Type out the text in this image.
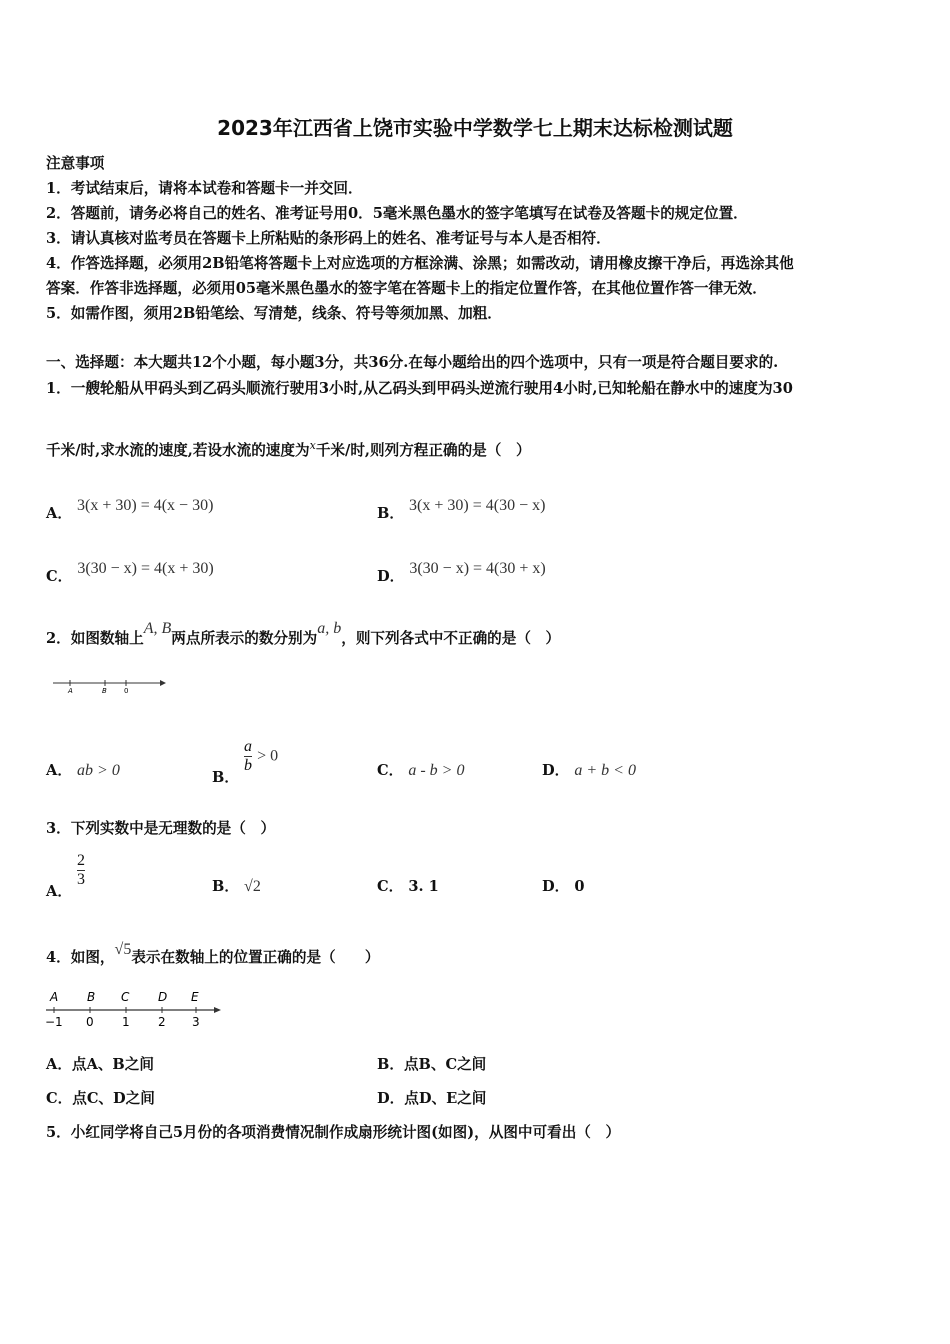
2023年江西省上饶市实验中学数学七上期末达标检测试题
注意事项
1．考试结束后，请将本试卷和答题卡一并交回．
2．答题前，请务必将自己的姓名、准考证号用0．5毫米黑色墨水的签字笔填写在试卷及答题卡的规定位置．
3．请认真核对监考员在答题卡上所粘贴的条形码上的姓名、准考证号与本人是否相符．
4．作答选择题，必须用2B铅笔将答题卡上对应选项的方框涂满、涂黑；如需改动，请用橡皮擦干净后，再选涂其他
答案．作答非选择题，必须用05毫米黑色墨水的签字笔在答题卡上的指定位置作答，在其他位置作答一律无效．
5．如需作图，须用2B铅笔绘、写清楚，线条、符号等须加黑、加粗．
一、选择题：本大题共12个小题，每小题3分，共36分.在每小题给出的四个选项中，只有一项是符合题目要求的.
1．一艘轮船从甲码头到乙码头顺流行驶用3小时,从乙码头到甲码头逆流行驶用4小时,已知轮船在静水中的速度为30
千米/时,求水流的速度,若设水流的速度为$^x$千米/时,则列方程正确的是（　）
A． 3(x + 30) = 4(x − 30)	B． 3(x + 30) = 4(30 − x)
C． 3(30 − x) = 4(x + 30)	D． 3(30 − x) = 4(30 + x)
2．如图数轴上A, B两点所表示的数分别为a, b，则下列各式中不正确的是（　）
A	B 0
A． ab > 0	B．
$\frac{a}{b} > 0$
C． a - b > 0	D． a + b < 0
3．下列实数中是无理数的是（　）
A．
$\frac{2}{3}$	B． √2	C． 3. 1	D． 0
4．如图，√5表示在数轴上的位置正确的是（　　）
A B C D E
−1 0 1 2 3
A．点A、B之间	B．点B、C之间
C．点C、D之间	D．点D、E之间
5．小红同学将自己5月份的各项消费情况制作成扇形统计图(如图)，从图中可看出（　）
